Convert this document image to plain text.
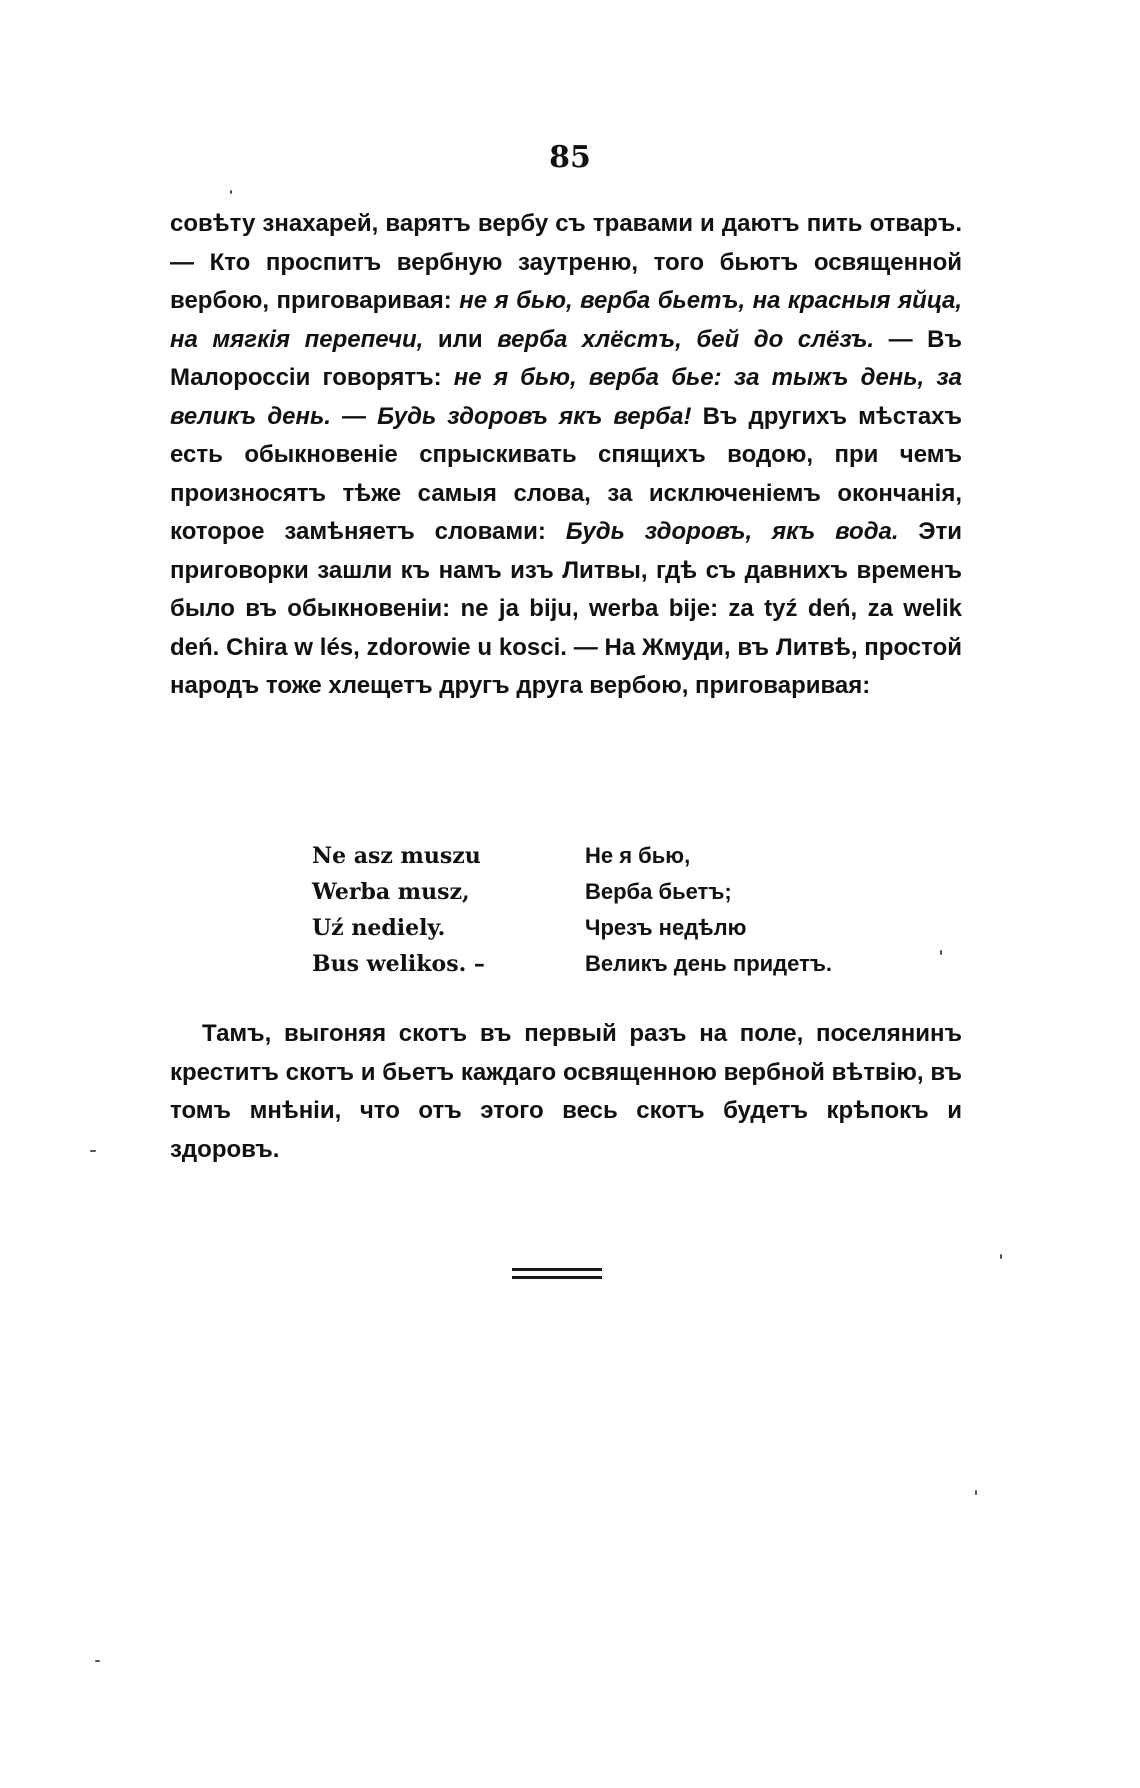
85

совѣту знахарей, варятъ вербу съ травами и даютъ пить отваръ. — Кто проспитъ вербную заутреню, того бьютъ освященной вербою, приговаривая: не я бью, верба бьетъ, на красныя яйца, на мягкія перепечи, или верба хлёстъ, бей до слёзъ. — Въ Малороссіи говорятъ: не я бью, верба бье: за тыжъ день, за великъ день. — Будь здоровъ якъ верба! Въ другихъ мѣстахъ есть обыкновеніе спрыскивать спящихъ водою, при чемъ произносятъ тѣже самыя слова, за исключеніемъ окончанія, которое замѣняетъ словами: Будь здоровъ, якъ вода. Эти приговорки зашли къ намъ изъ Литвы, гдѣ съ давнихъ временъ было въ обыкновеніи: ne ja biju, werba bije: za tyź deń, za welik deń. Chira w lés, zdorowie u kosci. — На Жмуди, въ Литвѣ, простой народъ тоже хлещетъ другъ друга вербою, приговаривая:

Ne asz muszu
Werba musz,
Uź nediely.
Bus welikos. –
Не я бью,
Верба бьетъ;
Чрезъ недѣлю
Великъ день придетъ.

Тамъ, выгоняя скотъ въ первый разъ на поле, поселянинъ креститъ скотъ и бьетъ каждаго освященною вербной вѣтвію, въ томъ мнѣніи, что отъ этого весь скотъ будетъ крѣпокъ и здоровъ.
